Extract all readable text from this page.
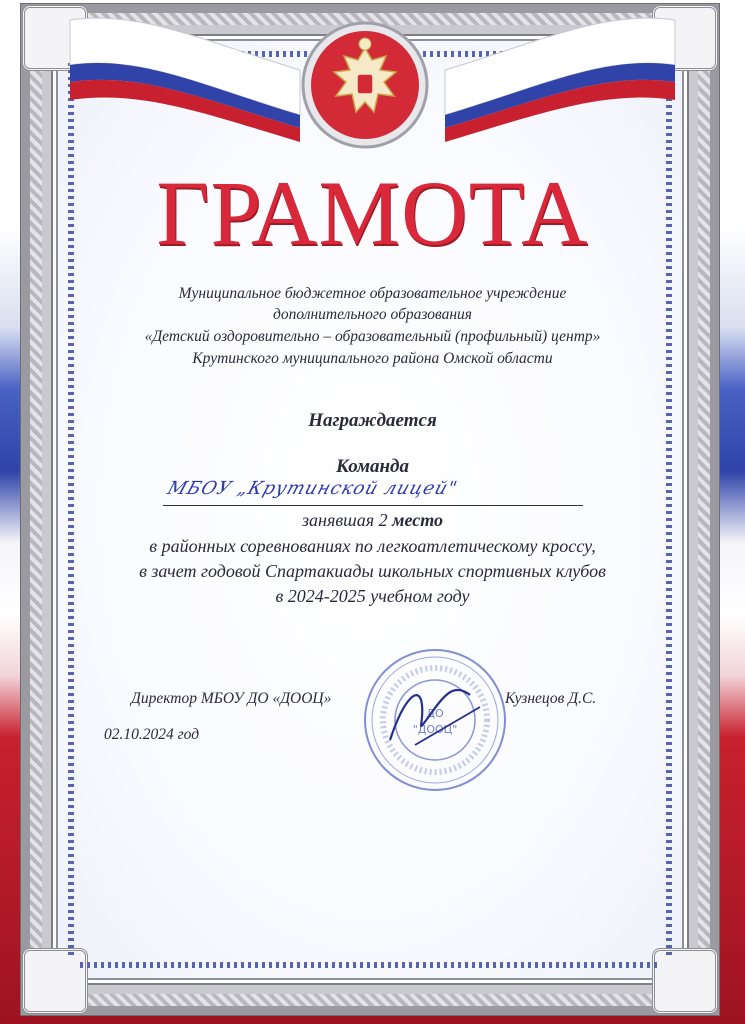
ГРАМОТА
Муниципальное бюджетное образовательное учреждение
дополнительного образования
«Детский оздоровительно – образовательный (профильный) центр»
Крутинского муниципального района Омской области
Награждается
Команда
МБОУ „Крутинской лицей"
занявшая 2 место
в районных соревнованиях по легкоатлетическому кроссу,
в зачет годовой Спартакиады школьных спортивных клубов
в 2024-2025 учебном году
ДО
"ДООЦ"
Директор МБОУ ДО «ДООЦ»	Кузнецов Д.С.
02.10.2024 год
